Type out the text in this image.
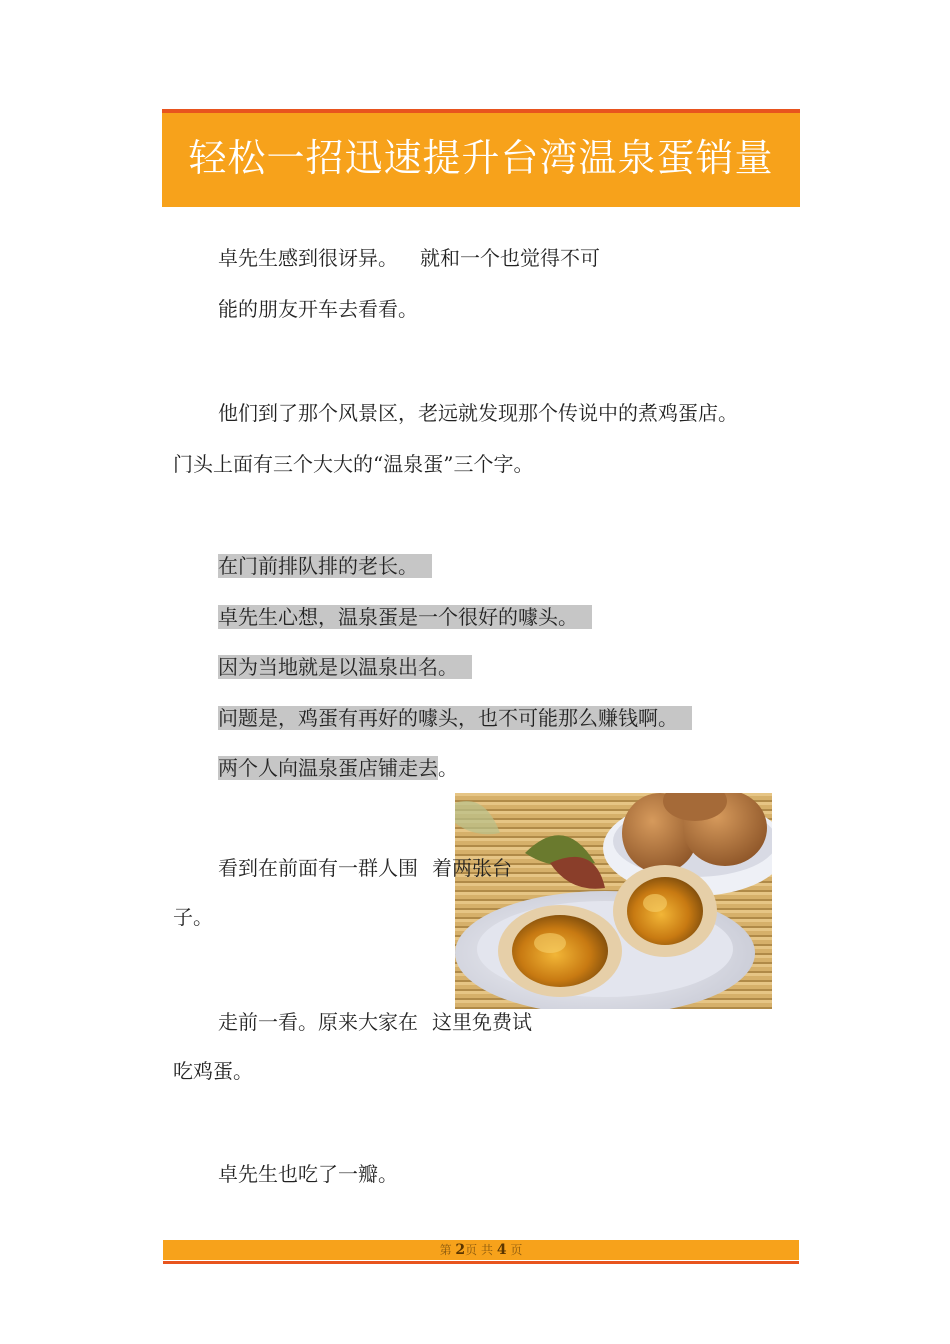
轻松一招迅速提升台湾温泉蛋销量
卓先生感到很讶异。 就和一个也觉得不可
能的朋友开车去看看。
他们到了那个风景区，老远就发现那个传说中的煮鸡蛋店。
门头上面有三个大大的“温泉蛋”三个字。
在门前排队排的老长。
卓先生心想，温泉蛋是一个很好的噱头。
因为当地就是以温泉出名。
问题是，鸡蛋有再好的噱头，也不可能那么赚钱啊。
两个人向温泉蛋店铺走去。
看到在前面有一群人围 着两张台
子。
走前一看。原来大家在 这里免费试
吃鸡蛋。
卓先生也吃了一瓣。
第 2页 共 4 页
